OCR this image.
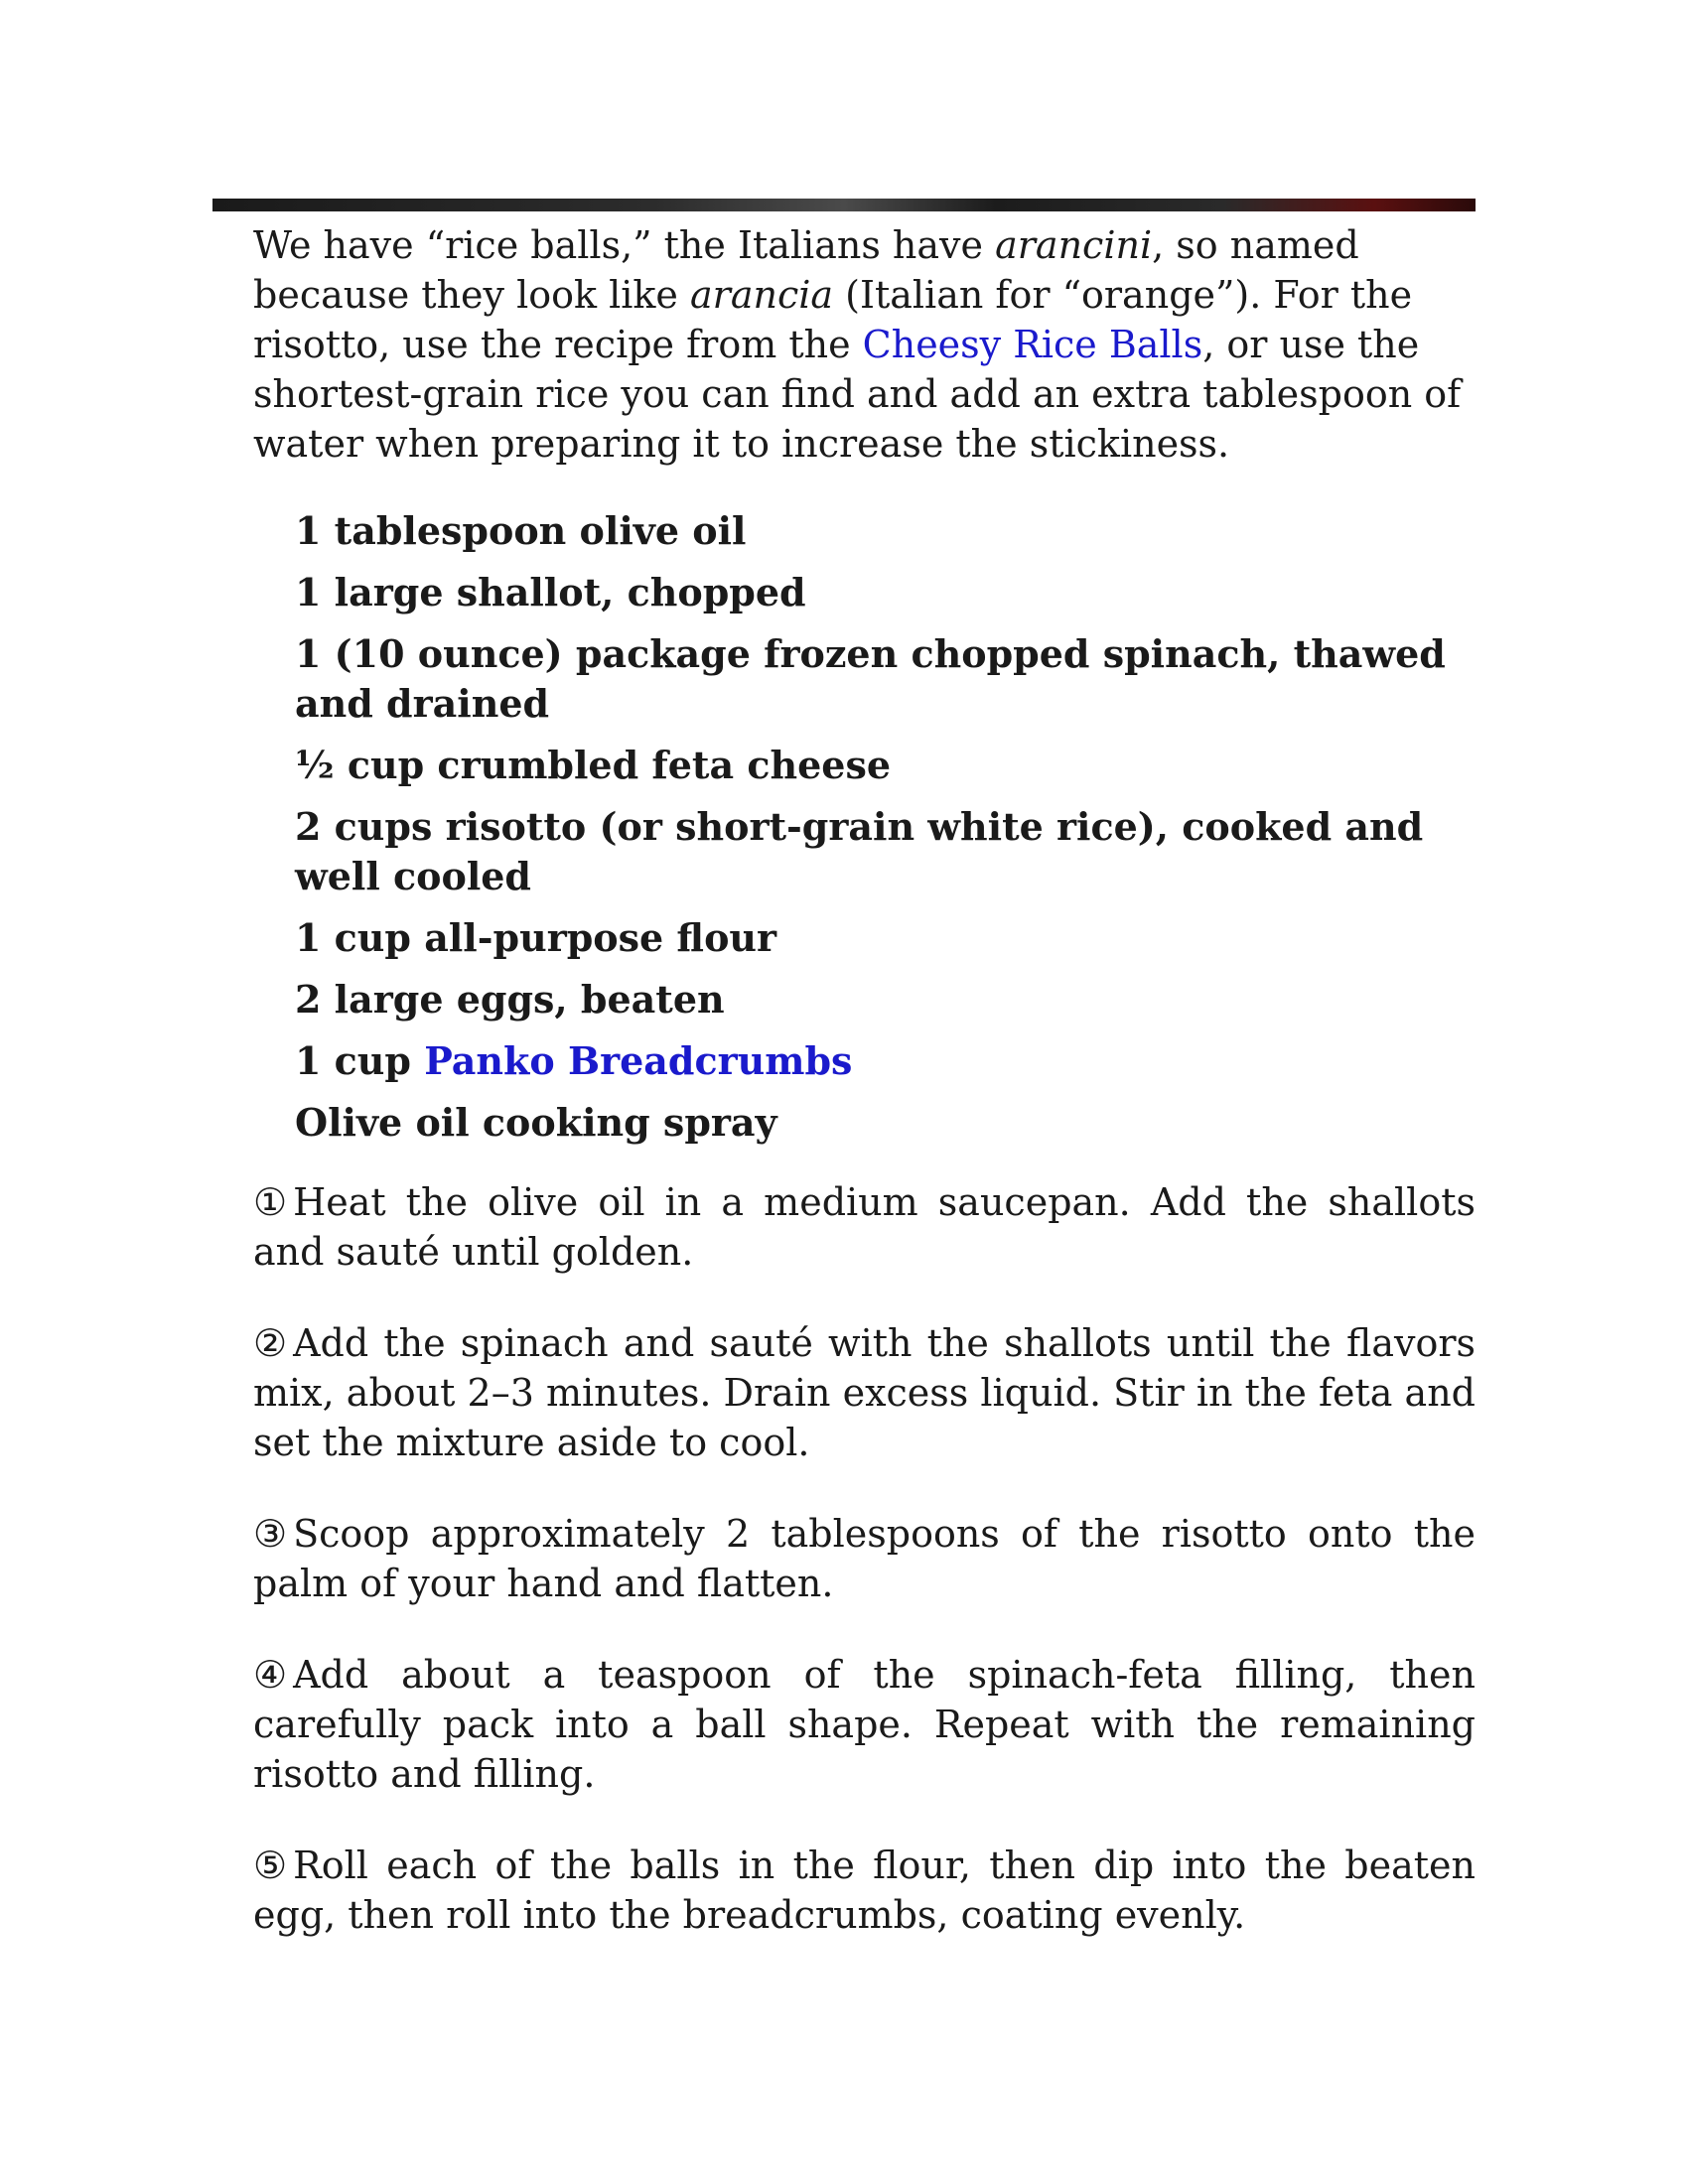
We have “rice balls,” the Italians have arancini, so named because they look like arancia (Italian for “orange”). For the risotto, use the recipe from the Cheesy Rice Balls, or use the shortest-grain rice you can find and add an extra tablespoon of water when preparing it to increase the stickiness.

1 tablespoon olive oil
1 large shallot, chopped
1 (10 ounce) package frozen chopped spinach, thawed and drained
½ cup crumbled feta cheese
2 cups risotto (or short-grain white rice), cooked and well cooled
1 cup all-purpose flour
2 large eggs, beaten
1 cup Panko Breadcrumbs
Olive oil cooking spray
① Heat the olive oil in a medium saucepan. Add the shallots and sauté until golden.
② Add the spinach and sauté with the shallots until the flavors mix, about 2–3 minutes. Drain excess liquid. Stir in the feta and set the mixture aside to cool.
③ Scoop approximately 2 tablespoons of the risotto onto the palm of your hand and flatten.
④ Add about a teaspoon of the spinach-feta filling, then carefully pack into a ball shape. Repeat with the remaining risotto and filling.
⑤ Roll each of the balls in the flour, then dip into the beaten egg, then roll into the breadcrumbs, coating evenly.
